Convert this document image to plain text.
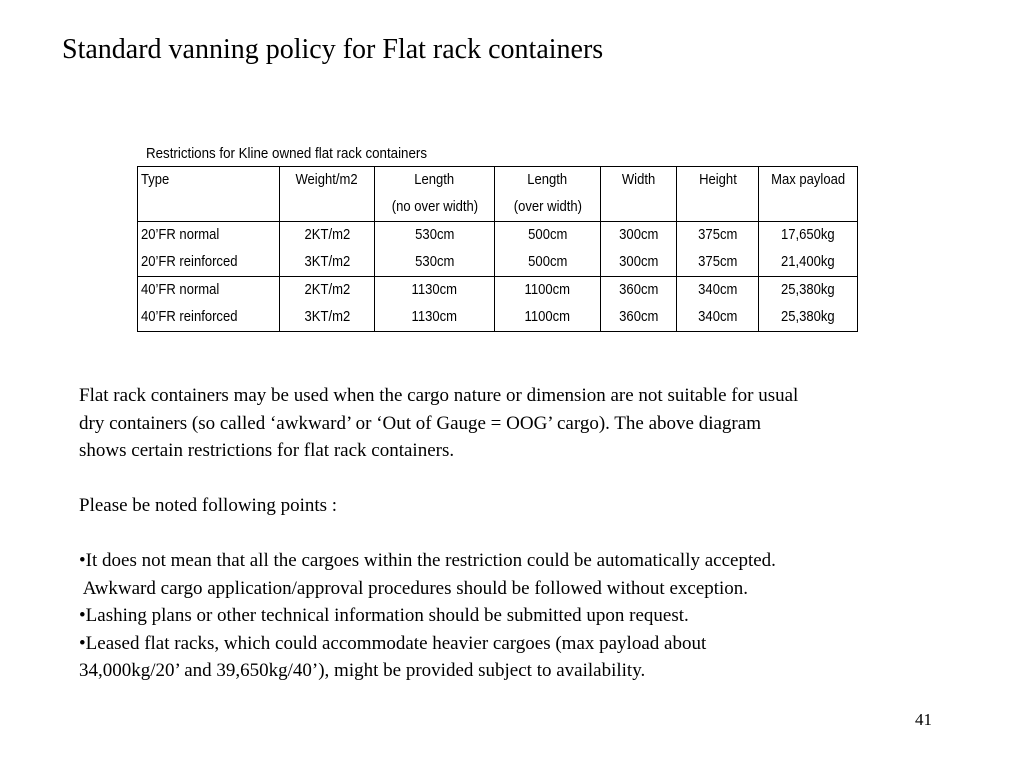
Standard vanning policy for Flat rack containers
Restrictions for Kline owned flat rack containers
Type	Weight/m2	Length	Length	Width	Height	Max payload
		(no over width)	(over width)			
20’FR normal	2KT/m2	530cm	500cm	300cm	375cm	17,650kg
20’FR reinforced	3KT/m2	530cm	500cm	300cm	375cm	21,400kg
40’FR normal	2KT/m2	1130cm	1100cm	360cm	340cm	25,380kg
40’FR reinforced	3KT/m2	1130cm	1100cm	360cm	340cm	25,380kg

Flat rack containers may be used when the cargo nature or dimension are not suitable for usual

dry containers (so called ‘awkward’ or ‘Out of Gauge = OOG’ cargo). The above diagram

shows certain restrictions for flat rack containers.

Please be noted following points :

•It does not mean that all the cargoes within the restriction could be automatically accepted.

Awkward cargo application/approval procedures should be followed without exception.

•Lashing plans or other technical information should be submitted upon request.

•Leased flat racks, which could accommodate heavier cargoes (max payload about

34,000kg/20’ and 39,650kg/40’), might be provided subject to availability.

41
